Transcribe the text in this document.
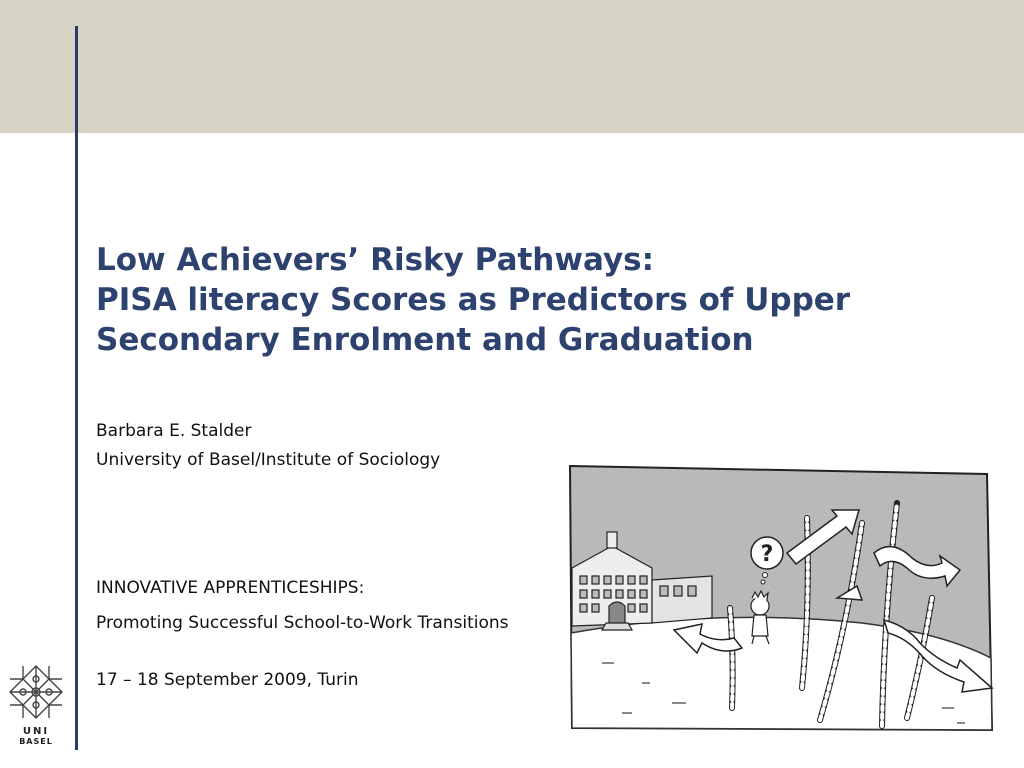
Low Achievers’ Risky Pathways:
PISA literacy Scores as Predictors of Upper
Secondary Enrolment and Graduation
Barbara E. Stalder
University of Basel/Institute of Sociology
INNOVATIVE APPRENTICESHIPS:
Promoting Successful School-to-Work Transitions
17 – 18 September 2009, Turin
UNI
BASEL
?
